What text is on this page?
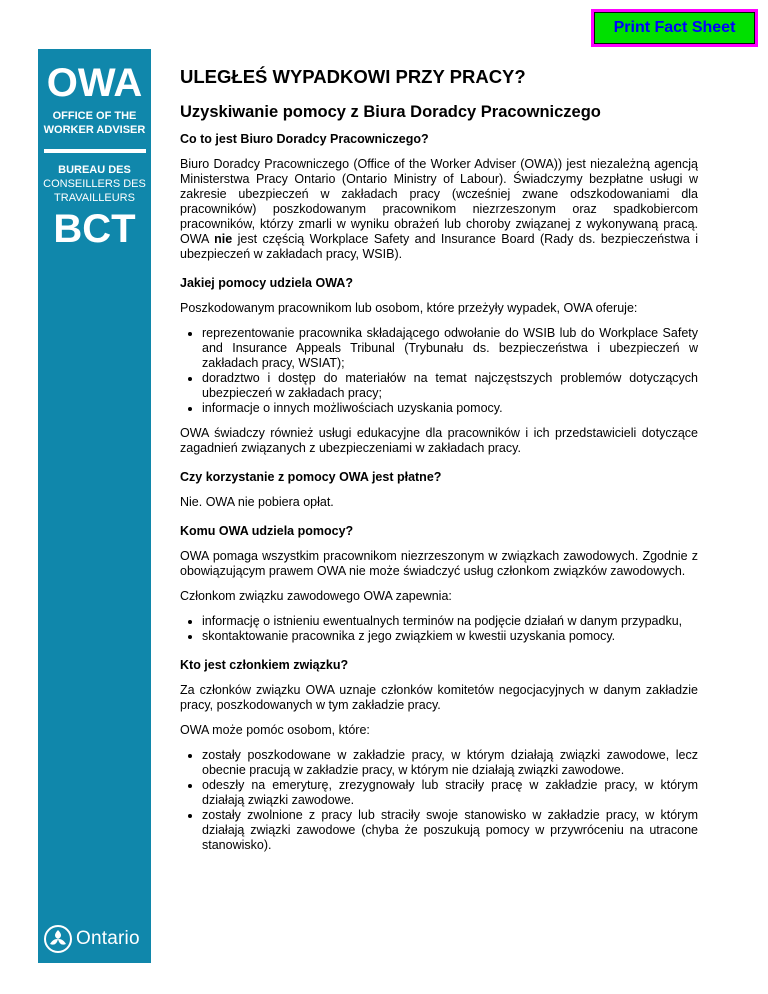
Print Fact Sheet
OWA
OFFICE OF THE
WORKER ADVISER
BUREAU DES
CONSEILLERS DES
TRAVAILLEURS
BCT
Ontario
ULEGŁEŚ WYPADKOWI PRZY PRACY?
Uzyskiwanie pomocy z Biura Doradcy Pracowniczego
Co to jest Biuro Doradcy Pracowniczego?

Biuro Doradcy Pracowniczego (Office of the Worker Adviser (OWA)) jest niezależną agencją Ministerstwa Pracy Ontario (Ontario Ministry of Labour). Świadczymy bezpłatne usługi w zakresie ubezpieczeń w zakładach pracy (wcześniej zwane odszkodowaniami dla pracowników) poszkodowanym pracownikom niezrzeszonym oraz spadkobiercom pracowników, którzy zmarli w wyniku obrażeń lub choroby związanej z wykonywaną pracą. OWA nie jest częścią Workplace Safety and Insurance Board (Rady ds. bezpieczeństwa i ubezpieczeń w zakładach pracy, WSIB).

Jakiej pomocy udziela OWA?

Poszkodowanym pracownikom lub osobom, które przeżyły wypadek, OWA oferuje:

• reprezentowanie pracownika składającego odwołanie do WSIB lub do Workplace Safety and Insurance Appeals Tribunal (Trybunału ds. bezpieczeństwa i ubezpieczeń w zakładach pracy, WSIAT);
• doradztwo i dostęp do materiałów na temat najczęstszych problemów dotyczących ubezpieczeń w zakładach pracy;
• informacje o innych możliwościach uzyskania pomocy.

OWA świadczy również usługi edukacyjne dla pracowników i ich przedstawicieli dotyczące zagadnień związanych z ubezpieczeniami w zakładach pracy.

Czy korzystanie z pomocy OWA jest płatne?

Nie. OWA nie pobiera opłat.

Komu OWA udziela pomocy?

OWA pomaga wszystkim pracownikom niezrzeszonym w związkach zawodowych. Zgodnie z obowiązującym prawem OWA nie może świadczyć usług członkom związków zawodowych.

Członkom związku zawodowego OWA zapewnia:

• informację o istnieniu ewentualnych terminów na podjęcie działań w danym przypadku,
• skontaktowanie pracownika z jego związkiem w kwestii uzyskania pomocy.
Kto jest członkiem związku?

Za członków związku OWA uznaje członków komitetów negocjacyjnych w danym zakładzie pracy, poszkodowanych w tym zakładzie pracy.

OWA może pomóc osobom, które:

• zostały poszkodowane w zakładzie pracy, w którym działają związki zawodowe, lecz obecnie pracują w zakładzie pracy, w którym nie działają związki zawodowe.
• odeszły na emeryturę, zrezygnowały lub straciły pracę w zakładzie pracy, w którym działają związki zawodowe.
• zostały zwolnione z pracy lub straciły swoje stanowisko w zakładzie pracy, w którym działają związki zawodowe (chyba że poszukują pomocy w przywróceniu na utracone stanowisko).
